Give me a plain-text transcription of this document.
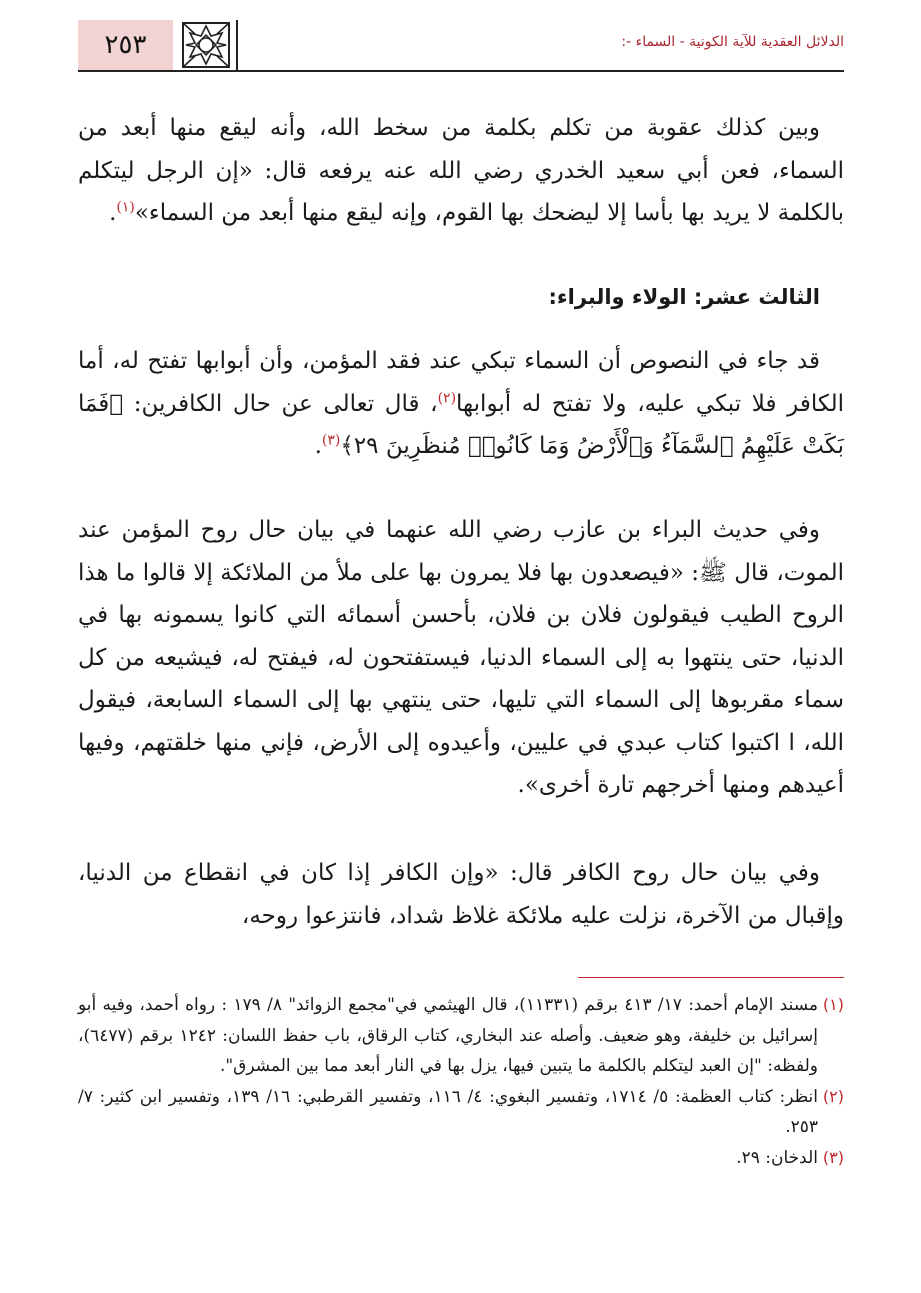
٢٥٣	الدلائل العقدية للآية الكونية - السماء -:

وبين كذلك عقوبة من تكلم بكلمة من سخط الله، وأنه ليقع منها أبعد من السماء، فعن أبي سعيد الخدري رضي الله عنه يرفعه قال: «إن الرجل ليتكلم بالكلمة لا يريد بها بأسا إلا ليضحك بها القوم، وإنه ليقع منها أبعد من السماء»$^{(١)}$.

الثالث عشر: الولاء والبراء:

قد جاء في النصوص أن السماء تبكي عند فقد المؤمن، وأن أبوابها تفتح له، أما الكافر فلا تبكي عليه، ولا تفتح له أبوابها$^{(٢)}$، قال تعالى عن حال الكافرين: ﴿فَمَا بَكَتْ عَلَيْهِمُ ٱلسَّمَآءُ وَٱلْأَرْضُ وَمَا كَانُوا۟ مُنظَرِينَ ٢٩﴾$^{(٣)}$.

وفي حديث البراء بن عازب رضي الله عنهما في بيان حال روح المؤمن عند الموت، قال ﷺ: «فيصعدون بها فلا يمرون بها على ملأ من الملائكة إلا قالوا ما هذا الروح الطيب فيقولون فلان بن فلان، بأحسن أسمائه التي كانوا يسمونه بها في الدنيا، حتى ينتهوا به إلى السماء الدنيا، فيستفتحون له، فيفتح له، فيشيعه من كل سماء مقربوها إلى السماء التي تليها، حتى ينتهي بها إلى السماء السابعة، فيقول الله، ا اكتبوا كتاب عبدي في عليين، وأعيدوه إلى الأرض، فإني منها خلقتهم، وفيها أعيدهم ومنها أخرجهم تارة أخرى».

وفي بيان حال روح الكافر قال: «وإن الكافر إذا كان في انقطاع من الدنيا، وإقبال من الآخرة، نزلت عليه ملائكة غلاظ شداد، فانتزعوا روحه،

(١)
مسند الإمام أحمد: ١٧/ ٤١٣ برقم (١١٣٣١)، قال الهيثمي في"مجمع الزوائد" ٨/ ١٧٩ : رواه أحمد، وفيه أبو إسرائيل بن خليفة، وهو ضعيف. وأصله عند البخاري، كتاب الرقاق، باب حفظ اللسان: ١٢٤٢ برقم (٦٤٧٧)، ولفظه: "إن العبد ليتكلم بالكلمة ما يتبين فيها، يزل بها في النار أبعد مما بين المشرق".

(٢)
انظر: كتاب العظمة: ٥/ ١٧١٤، وتفسير البغوي: ٤/ ١١٦، وتفسير القرطبي: ١٦/ ١٣٩، وتفسير ابن كثير: ٧/ ٢٥٣.

(٣)
الدخان: ٢٩.
